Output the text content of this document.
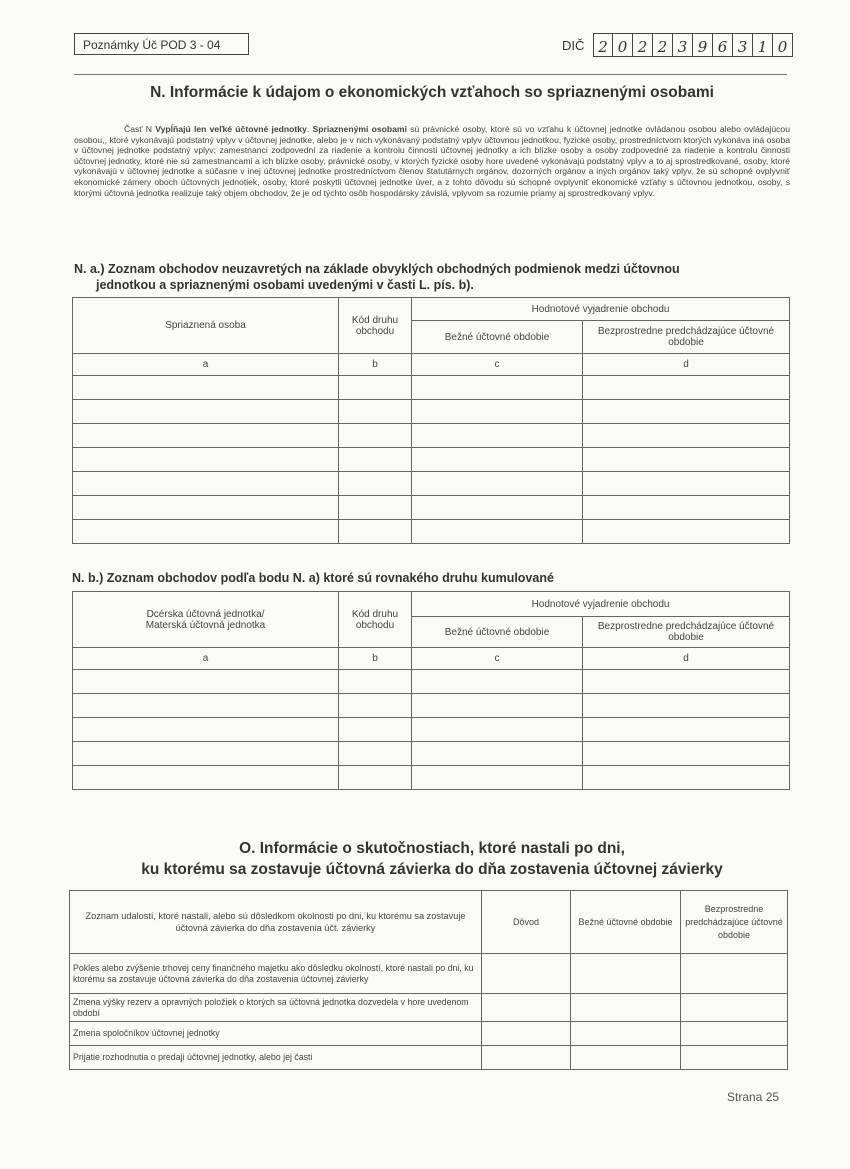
Poznámky Úč POD 3 - 04	DIČ 2 0 2 2 3 9 6 3 1 0
N. Informácie k údajom o ekonomických vzťahoch so spriaznenými osobami
Časť N Vypĺňajú len veľké účtovné jednotky. Spriaznenými osobami sú právnické osoby, ktoré sú vo vzťahu k účtovnej jednotke ovládanou osobou alebo ovládajúcou osobou,, ktoré vykonávajú podstatný vplyv v účtovnej jednotke, alebo je v nich vykonávaný podstatný vplyv účtovnou jednotkou, fyzické osoby, prostredníctvom ktorých vykonáva iná osoba v účtovnej jednotke podstatný vplyv; zamestnanci zodpovední za riadenie a kontrolu činnosti účtovnej jednotky a ich blízke osoby a osoby zodpovedné za riadenie a kontrolu činnosti účtovnej jednotky, ktoré nie sú zamestnancami a ich blízke osoby, právnické osoby, v ktorých fyzické osoby hore uvedené vykonávajú podstatný vplyv a to aj sprostredkované, osoby, ktoré vykonávajú v účtovnej jednotke a súčasne v inej účtovnej jednotke prostredníctvom členov štatutárnych orgánov, dozorných orgánov a iných orgánov taký vplyv, že sú schopné ovplyvniť ekonomické zámery oboch účtovných jednotiek, osoby, ktoré poskytli účtovnej jednotke úver, a z tohto dôvodu sú schopné ovplyvniť ekonomické vzťahy s účtovnou jednotkou, osoby, s ktorými účtovná jednotka realizuje taký objem obchodov, že je od týchto osôb hospodársky závislá, vplyvom sa rozumie priamy aj sprostredkovaný vplyv.
N. a.) Zoznam obchodov neuzavretých na základe obvyklých obchodných podmienok medzi účtovnou
jednotkou a spriaznenými osobami uvedenými v časti L. pís. b).
Spriaznená osoba	Kód druhu obchodu	Hodnotové vyjadrenie obchodu	
		Bežné účtovné obdobie	Bezprostredne predchádzajúce účtovné obdobie
a	b	c	d

N. b.) Zoznam obchodov podľa bodu N. a) ktoré sú rovnakého druhu kumulované
Dcérska účtovná jednotka/
Materská účtovná jednotka	Kód druhu obchodu	Hodnotové vyjadrenie obchodu	
		Bežné účtovné obdobie	Bezprostredne predchádzajúce účtovné obdobie
a	b	c	d

O. Informácie o skutočnostiach, ktoré nastali po dni,
ku ktorému sa zostavuje účtovná závierka do dňa zostavenia účtovnej závierky
Zoznam udalostí, ktoré nastali, alebo sú dôsledkom okolnosti po dni, ku ktorému sa zostavuje účtovná závierka do dňa zostavenia účt. závierky	Dôvod	Bežné účtovné obdobie	Bezprostredne predchádzajúce účtovné obdobie
Pokles alebo zvýšenie trhovej ceny finančného majetku ako dôsledku okolností, ktoré nastali po dni, ku ktorému sa zostavuje účtovná závierka do dňa zostavenia účtovnej závierky			
Zmena výšky rezerv a opravných položiek o ktorých sa účtovná jednotka dozvedela v hore uvedenom období			
Zmena spoločníkov účtovnej jednotky			
Prijatie rozhodnutia o predaji účtovnej jednotky, alebo jej časti			
Strana 25
